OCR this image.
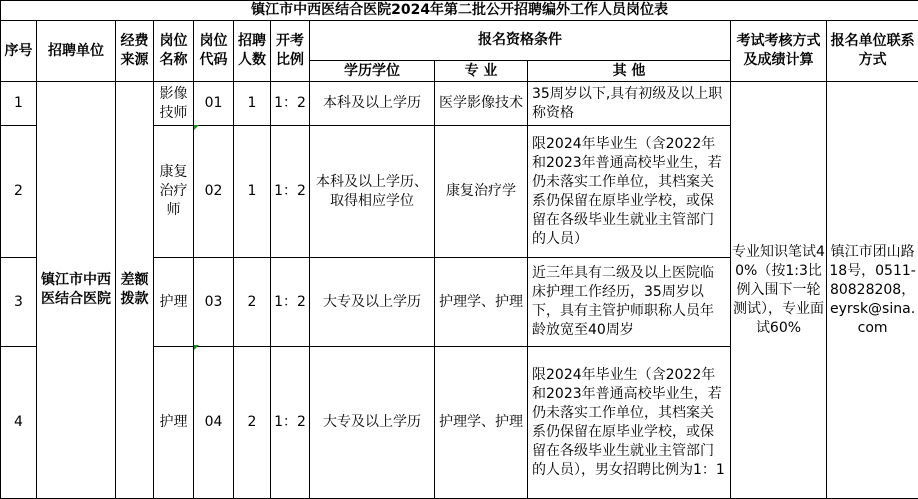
镇江市中西医结合医院2024年第二批公开招聘编外工作人员岗位表											
序号	招聘单位	经费来源	岗位名称	岗位代码	招聘人数	开考比例	报名资格条件			考试考核方式及成绩计算	报名单位联系方式
							学历学位	专 业	其 他		
1	镇江市中西医结合医院	差额拨款	影像技师	01	1	1：2	本科及以上学历	医学影像技术	35周岁以下,具有初级及以上职称资格	专业知识笔试40%（按1:3比例入围下一轮测试），专业面试60%	镇江市团山路18号，0511-80828208，eyrsk@sina.com
2			康复治疗师	02	1	1：2	本科及以上学历、取得相应学位	康复治疗学	限2024年毕业生（含2022年和2023年普通高校毕业生，若仍未落实工作单位，其档案关系仍保留在原毕业学校，或保留在各级毕业生就业主管部门的人员）		
3			护理	03	2	1：2	大专及以上学历	护理学、护理	近三年具有二级及以上医院临床护理工作经历，35周岁以下，具有主管护师职称人员年龄放宽至40周岁		
4			护理	04	2	1：2	大专及以上学历	护理学、护理	限2024年毕业生（含2022年和2023年普通高校毕业生，若仍未落实工作单位，其档案关系仍保留在原毕业学校，或保留在各级毕业生就业主管部门的人员），男女招聘比例为1：1		
